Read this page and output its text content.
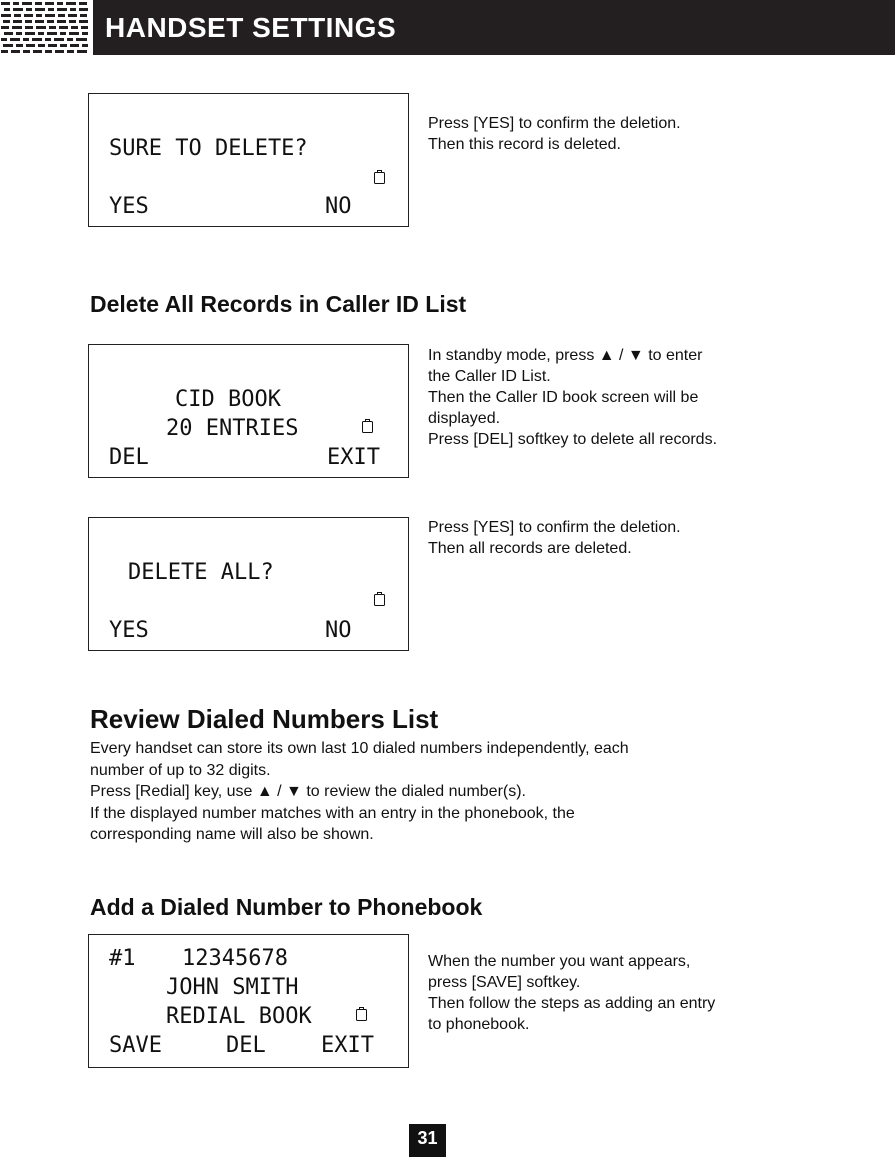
HANDSET SETTINGS
SURE TO DELETE?
YES	NO
Press [YES] to confirm the deletion.
Then this record is deleted.
Delete All Records in Caller ID List
CID BOOK
20 ENTRIES
DEL	EXIT
In standby mode, press ▲ / ▼ to enter
the Caller ID List.
Then the Caller ID book screen will be
displayed.
Press [DEL] softkey to delete all records.
DELETE ALL?
YES	NO
Press [YES] to confirm the deletion.
Then all records are deleted.
Review Dialed Numbers List
Every handset can store its own last 10 dialed numbers independently, each
number of up to 32 digits.
Press [Redial] key, use ▲ / ▼ to review the dialed number(s).
If the displayed number matches with an entry in the phonebook, the
corresponding name will also be shown.
Add a Dialed Number to Phonebook
#1 12345678
JOHN SMITH
REDIAL BOOK
SAVE	DEL	EXIT
When the number you want appears,
press [SAVE] softkey.
Then follow the steps as adding an entry
to phonebook.
31
